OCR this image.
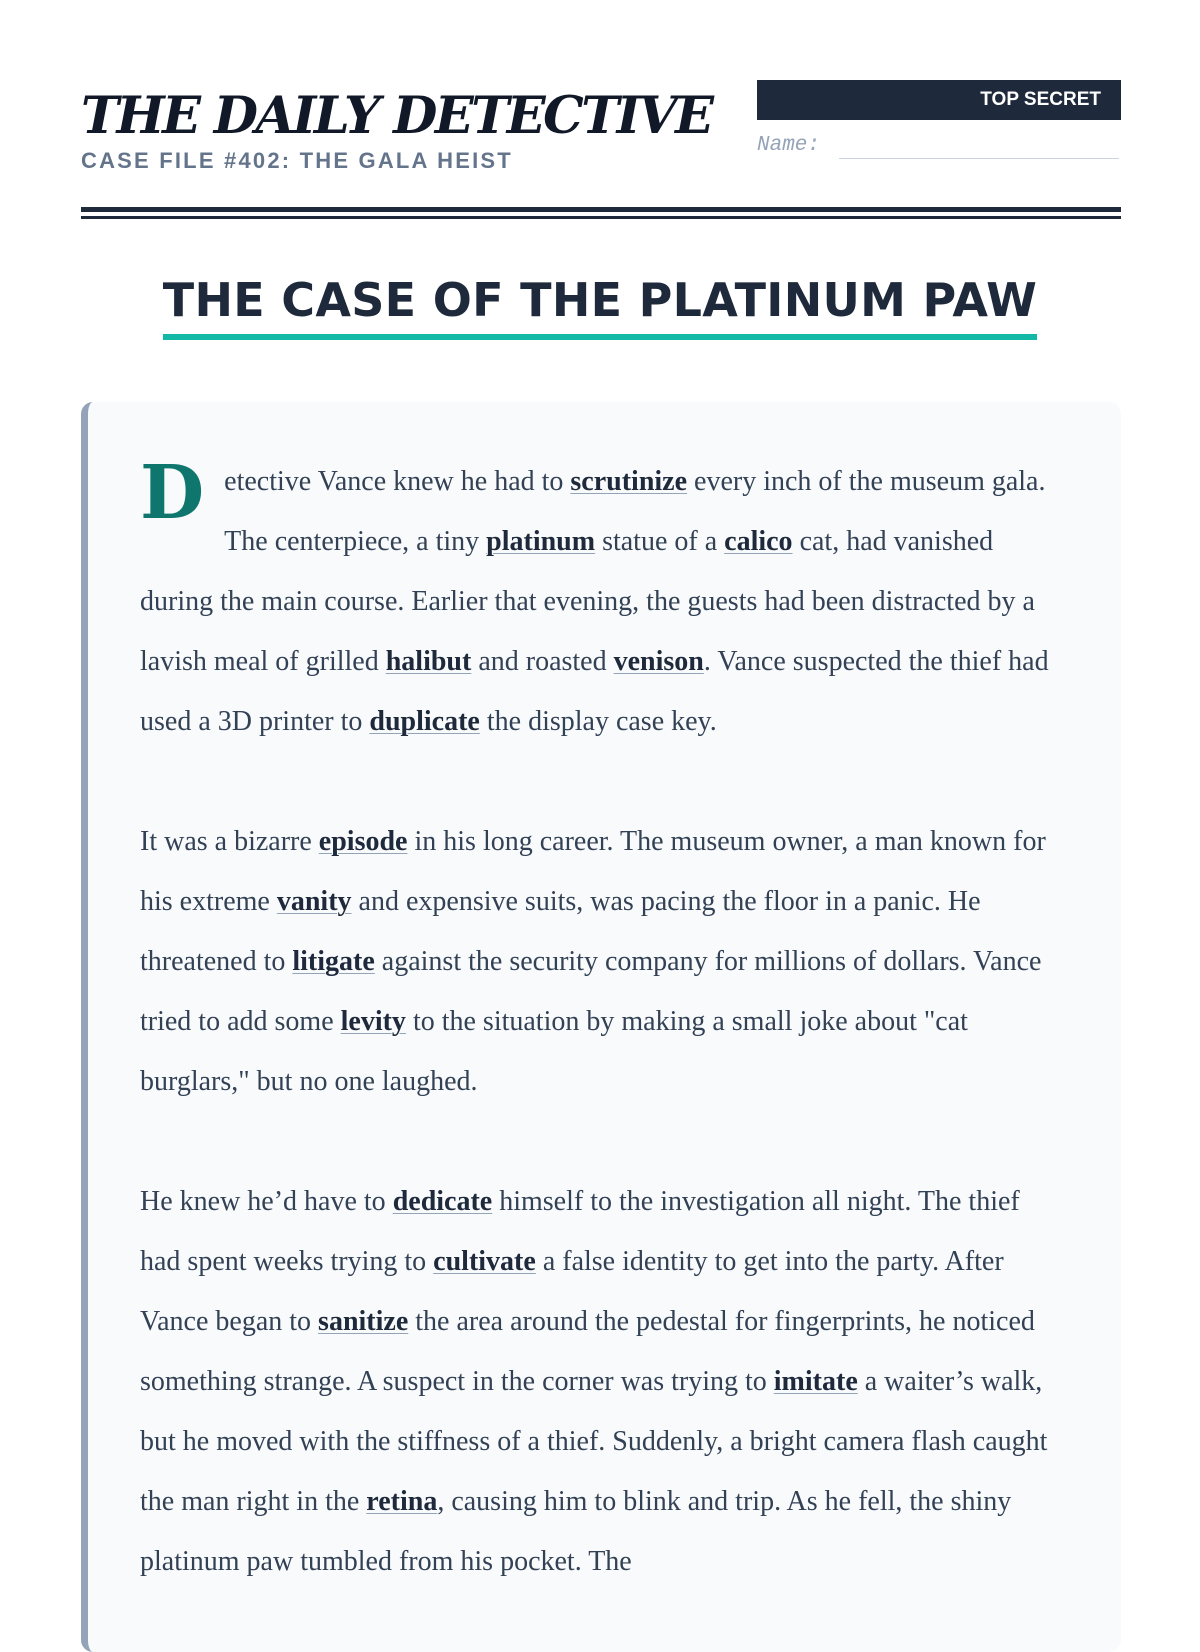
THE DAILY DETECTIVE
CASE FILE #402: THE GALA HEIST
TOP SECRET
Name:
THE CASE OF THE PLATINUM PAW

Detective Vance knew he had to scrutinize every inch of the museum gala. The centerpiece, a tiny platinum statue of a calico cat, had vanished during the main course. Earlier that evening, the guests had been distracted by a lavish meal of grilled halibut and roasted venison. Vance suspected the thief had used a 3D printer to duplicate the display case key.

It was a bizarre episode in his long career. The museum owner, a man known for his extreme vanity and expensive suits, was pacing the floor in a panic. He threatened to litigate against the security company for millions of dollars. Vance tried to add some levity to the situation by making a small joke about "cat burglars," but no one laughed.

He knew he’d have to dedicate himself to the investigation all night. The thief had spent weeks trying to cultivate a false identity to get into the party. After Vance began to sanitize the area around the pedestal for fingerprints, he noticed something strange. A suspect in the corner was trying to imitate a waiter’s walk, but he moved with the stiffness of a thief. Suddenly, a bright camera flash caught the man right in the retina, causing him to blink and trip. As he fell, the shiny platinum paw tumbled from his pocket. The
